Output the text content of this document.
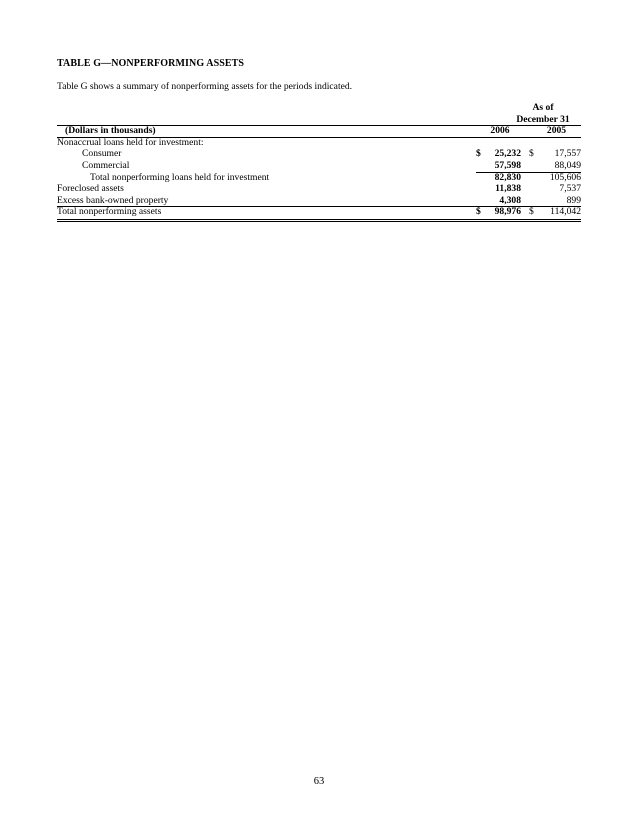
TABLE G—NONPERFORMING ASSETS
Table G shows a summary of nonperforming assets for the periods indicated.
As of
December 31
(Dollars in thousands)	2006	2005
Nonaccrual loans held for investment:
Consumer	$	25,232 $	17,557
Commercial	57,598	88,049
Total nonperforming loans held for investment	82,830	105,606
Foreclosed assets	11,838	7,537
Excess bank-owned property	4,308	899
Total nonperforming assets	$	98,976 $	114,042
63
